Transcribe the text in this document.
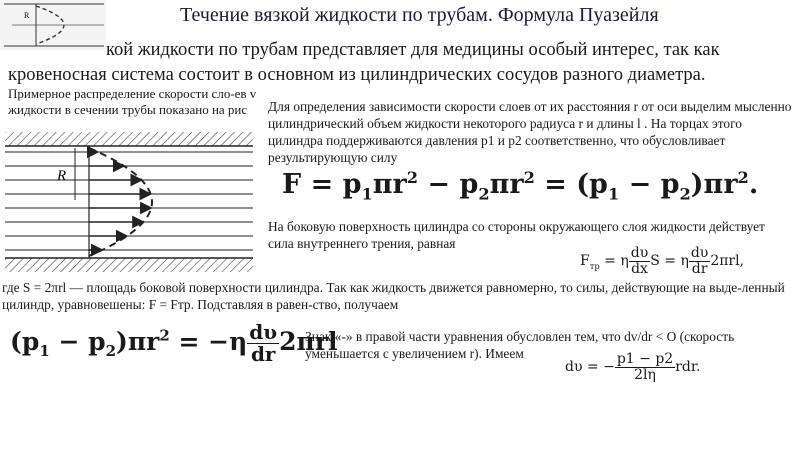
R	Течение вязкой жидкости по трубам. Формула Пуазейля
кой жидкости по трубам представляет для медицины особый интерес, так как
кровеносная система состоит в основном из цилиндрических сосудов разного диаметра.
Примерное распределение скорости сло-ев v жидкости в сечении трубы показано на рис
R
Для определения зависимости скорости слоев от их расстояния r от оси выделим мысленно цилиндрический объем жидкости некоторого радиуса r и длины l . На торцах этого цилиндра поддерживаются давления p1 и p2 соответственно, что обусловливает результирующую силу
$F = p_1\pi r^2 - p_2\pi r^2 = (p_1 - p_2)\pi r^2$.
На боковую поверхность цилиндра со стороны окружающего слоя жидкости действует сила внутреннего трения, равная
$F_{тр} = \eta \frac{d\upsilon}{dx}$ S = η $\frac{d\upsilon}{dr} 2\pi rl$,
где S = 2πrl — площадь боковой поверхности цилиндра. Так как жидкость движется равномерно, то силы, действующие на выде-ленный цилиндр, уравновешены: F = Fтр. Подставляя в равен-ство, получаем
$(p_1 - p_2)\pi r^2 = -\eta \frac{d\upsilon}{dr} 2\pi rl$
Знак «-» в правой части уравнения обусловлен тем, что dv/dr < O (скорость уменьшается с увеличением r). Имеем
dυ = − $\frac{p1 - p2}{2l\eta}$ rdr.
